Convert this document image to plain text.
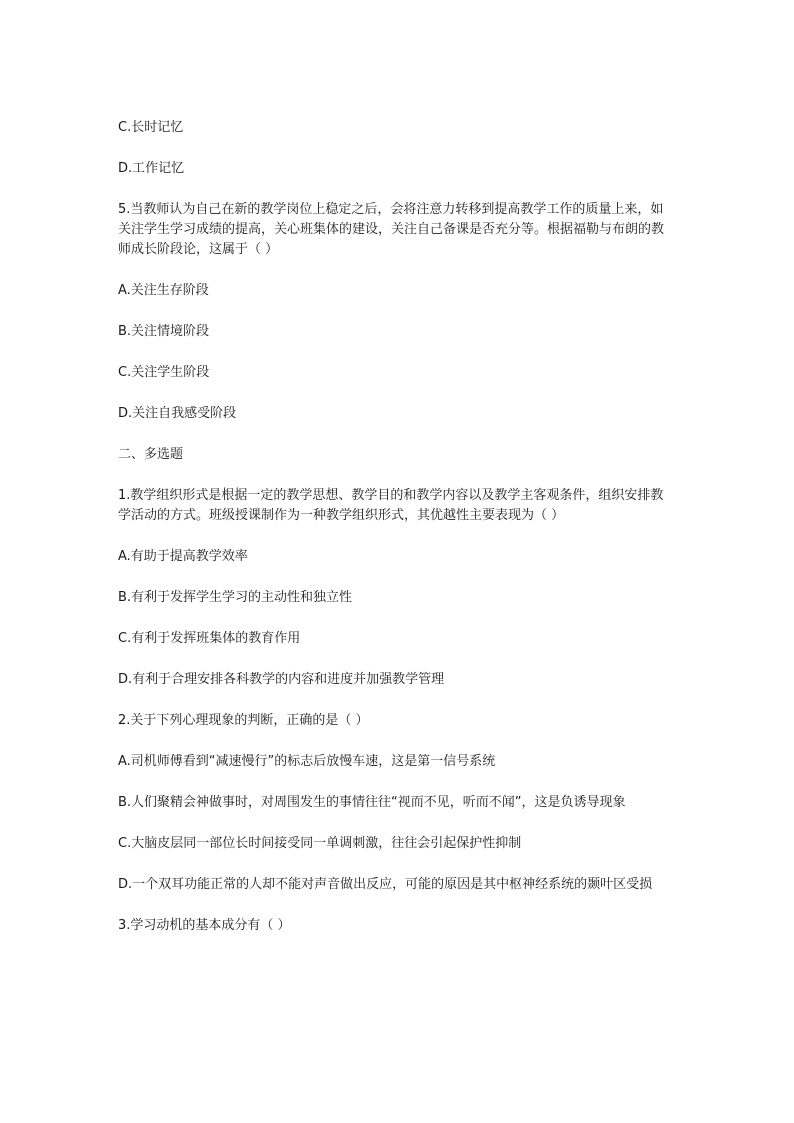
C.长时记忆

D.工作记忆

5.当教师认为自己在新的教学岗位上稳定之后，会将注意力转移到提高教学工作的质量上来，如关注学生学习成绩的提高，关心班集体的建设，关注自己备课是否充分等。根据福勒与布朗的教师成长阶段论，这属于（ ）

A.关注生存阶段

B.关注情境阶段

C.关注学生阶段

D.关注自我感受阶段

二、多选题

1.教学组织形式是根据一定的教学思想、教学目的和教学内容以及教学主客观条件，组织安排教学活动的方式。班级授课制作为一种教学组织形式，其优越性主要表现为（ ）

A.有助于提高教学效率

B.有利于发挥学生学习的主动性和独立性

C.有利于发挥班集体的教育作用

D.有利于合理安排各科教学的内容和进度并加强教学管理

2.关于下列心理现象的判断，正确的是（ ）

A.司机师傅看到“减速慢行”的标志后放慢车速，这是第一信号系统

B.人们聚精会神做事时，对周围发生的事情往往“视而不见，听而不闻”，这是负诱导现象

C.大脑皮层同一部位长时间接受同一单调刺激，往往会引起保护性抑制

D.一个双耳功能正常的人却不能对声音做出反应，可能的原因是其中枢神经系统的颞叶区受损

3.学习动机的基本成分有（ ）
